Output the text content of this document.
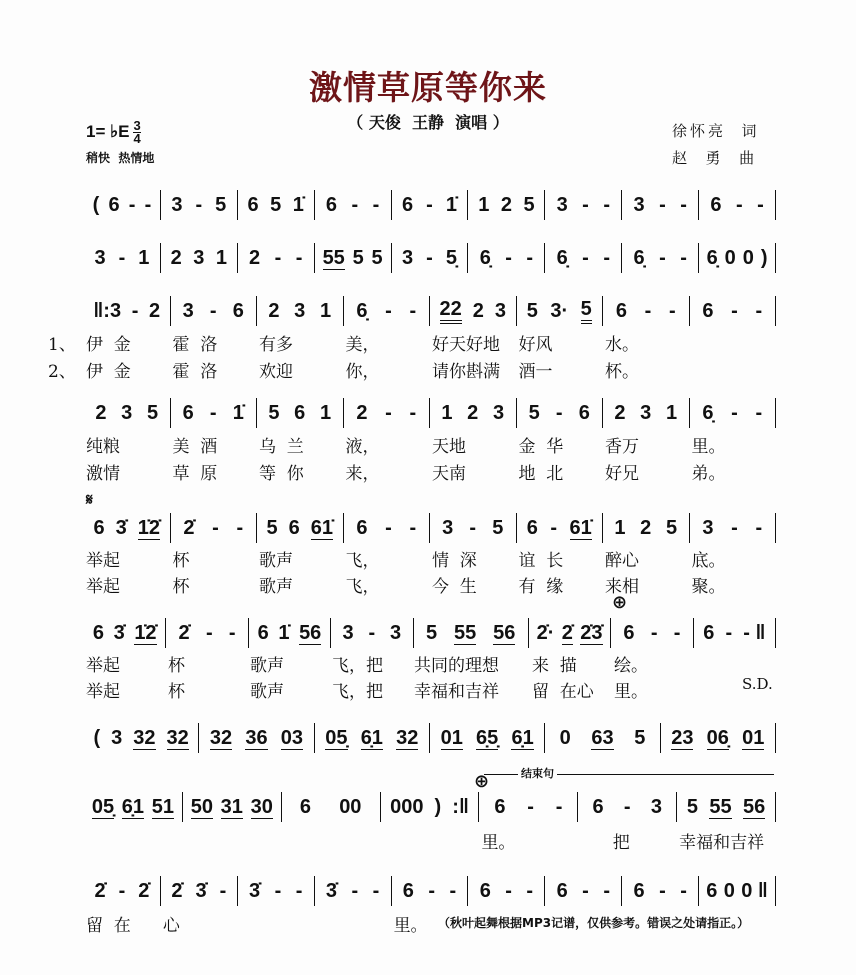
激情草原等你来
（ 天俊  王静  演唱 ）
1= ♭E $\frac{3}{4}$
稍快  热情地
徐怀亮  词
赵  勇  曲
𝄋
⊕
结束句
⊕
S.D.
（秋叶起舞根据MP3记谱，仅供参考。错误之处请指正。）
( 6 - - 3 - 5 6 5 1̇ 6 - - 6 - 1̇ 1 2 5 3 - - 3 - - 6 - -
3 - 1 2 3 1 2 - - 55 5 5 3 - 5̣ 6̣ - - 6̣ - - 6̣ - - 6̣ 0 0 )
‖:3 - 2 3 - 6 2 3 1 6̣ - - 22 2 3 5 3· 5 6 - - 6 - -
1、 伊  金	霍  洛	有多	美，	好天好地	好风	水。
2、 伊  金	霍  洛	欢迎	你，	请你斟满	酒一	杯。
2 3 5 6 - 1̇ 5 6 1 2 - - 1 2 3 5 - 6 2 3 1 6̣ - -
纯粮	美  酒	乌  兰	液，	天地	金  华	香万	里。
激情	草  原	等  你	来，	天南	地  北	好兄	弟。
6 3̇ 1̇2̇ 2̇ - - 5 6 61̇ 6 - - 3 - 5 6 - 61̇ 1 2 5 3 - -
举起	杯	歌声	飞，	情  深	谊  长	醉心	底。
举起	杯	歌声	飞，	今  生	有  缘	来相	聚。
6 3̇ 1̇2̇ 2̇ - - 6 1̇ 56 3 - 3 5 55 56 2̇· 2̇ 2̇3̇ 6 - - 6 - - ‖
举起	杯	歌声	飞，把	共同的理想	来  描	绘。
举起	杯	歌声	飞，把	幸福和吉祥	留  在心	里。
( 3 32 32 32 36 03 05̣ 6̣1 32 01 6̣5̣ 6̣1 0 63 5 23 06̣ 01
05̣ 6̣1 51 50 31 30 6 00 000 ) :‖ 6 - - 6 - 3 5 55 56
里。	把	幸福和吉祥
2̇ - 2̇ 2̇ 3̇ - 3̇ - - 3̇ - - 6 - - 6 - - 6 - - 6 - - 6 0 0 ‖
留  在	心	里。
